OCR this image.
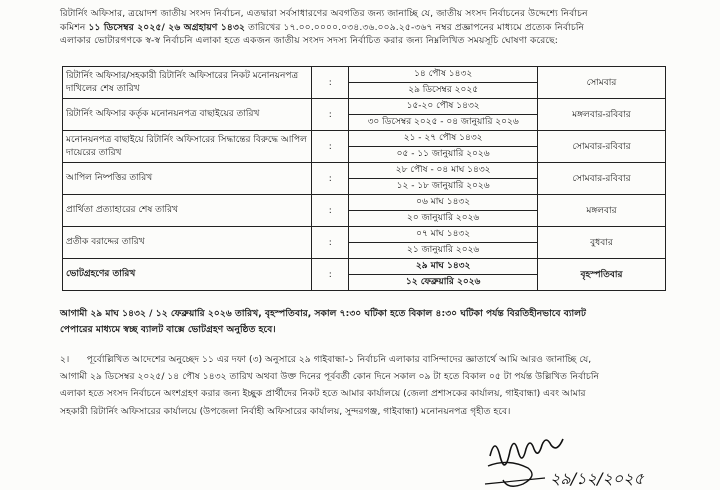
রিটার্নিং অফিসার, ত্রয়োদশ জাতীয় সংসদ নির্বাচন, এতদ্বারা সর্বসাধারণের অবগতির জন্য জানাচ্ছি যে, জাতীয় সংসদ নির্বাচনের উদ্দেশ্যে নির্বাচন
কমিশন ১১ ডিসেম্বর ২০২৫/ ২৬ অগ্রহায়ণ ১৪৩২ তারিখের ১৭.০০.০০০০.০৩৪.৩৬.০০৯.২৫-৩৬৭ নম্বর প্রজ্ঞাপনের মাধ্যমে প্রত্যেক নির্বাচনি
এলাকার ভোটারগণকে স্ব-স্ব নির্বাচনি এলাকা হতে একজন জাতীয় সংসদ সদস্য নির্বাচিত করার জন্য নিম্নলিখিত সময়সূচি ঘোষণা করেছে:
রিটার্নিং অফিসার/সহকারী রিটার্নিং অফিসারের নিকট মনোনয়নপত্র দাখিলের শেষ তারিখ	:	১৪ পৌষ ১৪৩২
২৯ ডিসেম্বর ২০২৫	সোমবার
রিটার্নিং অফিসার কর্তৃক মনোনয়নপত্র বাছাইয়ের তারিখ	:	১৫-২০ পৌষ ১৪৩২
৩০ ডিসেম্বর ২০২৫ - ০৪ জানুয়ারি ২০২৬	মঙ্গলবার-রবিবার
মনোনয়নপত্র বাছাইয়ে রিটার্নিং অফিসারের সিদ্ধান্তের বিরুদ্ধে আপিল দায়েরের তারিখ	:	২১ - ২৭ পৌষ ১৪৩২
০৫ - ১১ জানুয়ারি ২০২৬	সোমবার-রবিবার
আপিল নিষ্পত্তির তারিখ	:	২৮ পৌষ - ০৪ মাঘ ১৪৩২
১২ - ১৮ জানুয়ারি ২০২৬	সোমবার-রবিবার
প্রার্থিতা প্রত্যাহারের শেষ তারিখ	:	০৬ মাঘ ১৪৩২
২০ জানুয়ারি ২০২৬	মঙ্গলবার
প্রতীক বরাদ্দের তারিখ	:	০৭ মাঘ ১৪৩২
২১ জানুয়ারি ২০২৬	বুধবার
ভোটগ্রহণের তারিখ	:	২৯ মাঘ ১৪৩২
১২ ফেব্রুয়ারি ২০২৬	বৃহস্পতিবার
আগামী ২৯ মাঘ ১৪৩২ / ১২ ফেব্রুয়ারি ২০২৬ তারিখ, বৃহস্পতিবার, সকাল ৭:৩০ ঘটিকা হতে বিকাল ৪:৩০ ঘটিকা পর্যন্ত বিরতিহীনভাবে ব্যালট
পেপারের মাধ্যমে স্বচ্ছ ব্যালট বাক্সে ভোটগ্রহণ অনুষ্ঠিত হবে।
২। পূর্বোল্লিখিত আদেশের অনুচ্ছেদ ১১ এর দফা (৩) অনুসারে ২৯ গাইবান্ধা-১ নির্বাচনি এলাকার বাসিন্দাদের জ্ঞাতার্থে আমি আরও জানাচ্ছি যে,
আগামী ২৯ ডিসেম্বর ২০২৫/ ১৪ পৌষ ১৪৩২ তারিখ অথবা উক্ত দিনের পূর্ববর্তী কোন দিনে সকাল ০৯ টা হতে বিকাল ০৫ টা পর্যন্ত উল্লিখিত নির্বাচনি
এলাকা হতে সংসদ নির্বাচনে অংশগ্রহণ করার জন্য ইচ্ছুক প্রার্থীদের নিকট হতে আমার কার্যালয়ে (জেলা প্রশাসকের কার্যালয়, গাইবান্ধা) এবং আমার
সহকারী রিটার্নিং অফিসারের কার্যালয়ে (উপজেলা নির্বাহী অফিসারের কার্যালয়, সুন্দরগঞ্জ, গাইবান্ধা) মনোনয়নপত্র গৃহীত হবে।
২৯/১২/২০২৫
